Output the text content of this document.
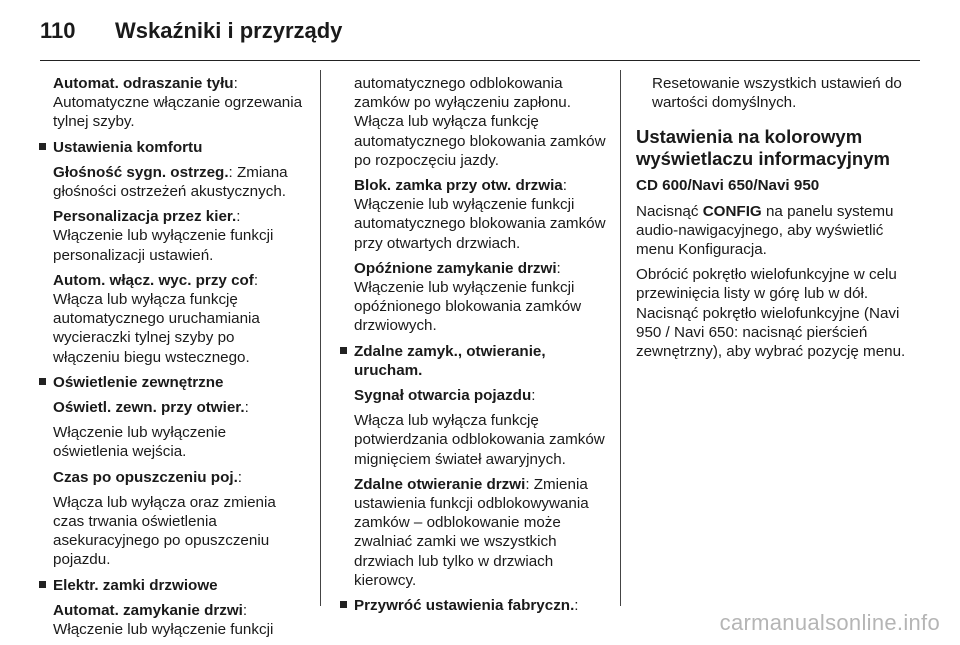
110 Wskaźniki i przyrządy

Automat. odraszanie tyłu: Automatyczne włączanie ogrzewania tylnej szyby.

Ustawienia komfortu

Głośność sygn. ostrzeg.: Zmiana głośności ostrzeżeń akustycznych.

Personalizacja przez kier.: Włączenie lub wyłączenie funkcji personalizacji ustawień.

Autom. włącz. wyc. przy cof: Włącza lub wyłącza funkcję automatycznego uruchamiania wycieraczki tylnej szyby po włączeniu biegu wstecznego.

Oświetlenie zewnętrzne

Oświetl. zewn. przy otwier.:

Włączenie lub wyłączenie oświetlenia wejścia.

Czas po opuszczeniu poj.:

Włącza lub wyłącza oraz zmienia czas trwania oświetlenia asekuracyjnego po opuszczeniu pojazdu.

Elektr. zamki drzwiowe

Automat. zamykanie drzwi: Włączenie lub wyłączenie funkcji

automatycznego odblokowania zamków po wyłączeniu zapłonu. Włącza lub wyłącza funkcję automatycznego blokowania zamków po rozpoczęciu jazdy.

Blok. zamka przy otw. drzwia: Włączenie lub wyłączenie funkcji automatycznego blokowania zamków przy otwartych drzwiach.

Opóźnione zamykanie drzwi: Włączenie lub wyłączenie funkcji opóźnionego blokowania zamków drzwiowych.

Zdalne zamyk., otwieranie, urucham.

Sygnał otwarcia pojazdu:

Włącza lub wyłącza funkcję potwierdzania odblokowania zamków mignięciem świateł awaryjnych.

Zdalne otwieranie drzwi: Zmienia ustawienia funkcji odblokowywania zamków – odblokowanie może zwalniać zamki we wszystkich drzwiach lub tylko w drzwiach kierowcy.

Przywróć ustawienia fabryczn.:

Resetowanie wszystkich ustawień do wartości domyślnych.

Ustawienia na kolorowym wyświetlaczu informacyjnym

CD 600/Navi 650/Navi 950

Nacisnąć CONFIG na panelu systemu audio-nawigacyjnego, aby wyświetlić menu Konfiguracja.

Obrócić pokrętło wielofunkcyjne w celu przewinięcia listy w górę lub w dół. Nacisnąć pokrętło wielofunkcyjne (Navi 950 / Navi 650: nacisnąć pierścień zewnętrzny), aby wybrać pozycję menu.

carmanualsonline.info
